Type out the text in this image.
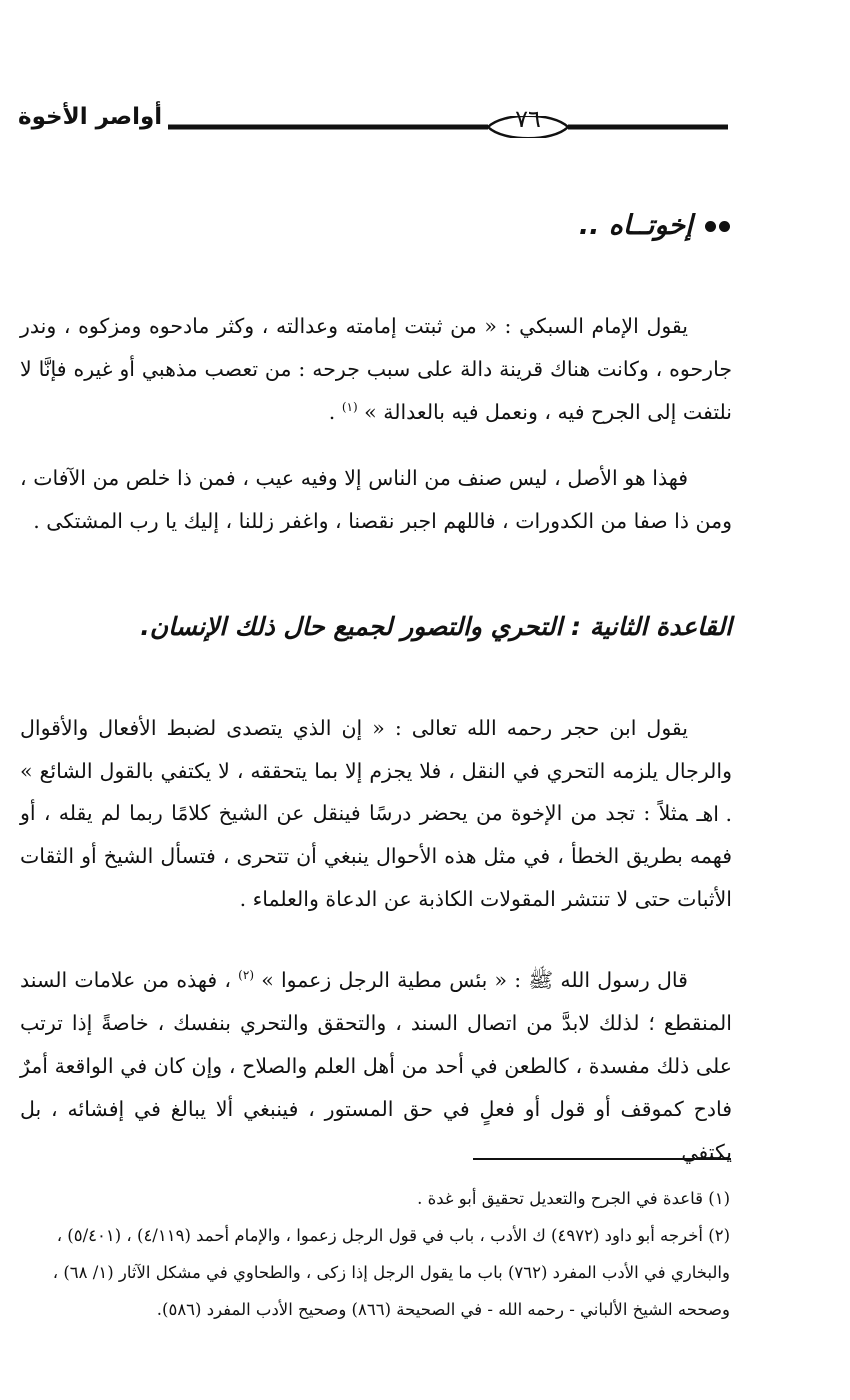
أواصر الأخوة	٧٦
إخوتــاه ..

يقول الإمام السبكي : « من ثبتت إمامته وعدالته ، وكثر مادحوه ومزكوه ، وندر جارحوه ، وكانت هناك قرينة دالة على سبب جرحه : من تعصب مذهبي أو غيره فإنَّا لا نلتفت إلى الجرح فيه ، ونعمل فيه بالعدالة » $^{(١)}$ .

فهذا هو الأصل ، ليس صنف من الناس إلا وفيه عيب ، فمن ذا خلص من الآفات ، ومن ذا صفا من الكدورات ، فاللهم اجبر نقصنا ، واغفر زللنا ، إليك يا رب المشتكى .

القاعدة الثانية : التحري والتصور لجميع حال ذلك الإنسان.

يقول ابن حجر رحمه الله تعالى : « إن الذي يتصدى لضبط الأفعال والأقوال والرجال يلزمه التحري في النقل ، فلا يجزم إلا بما يتحققه ، لا يكتفي بالقول الشائع » . اهـ .

مثلاً : تجد من الإخوة من يحضر درسًا فينقل عن الشيخ كلامًا ربما لم يقله ، أو فهمه بطريق الخطأ ، في مثل هذه الأحوال ينبغي أن تتحرى ، فتسأل الشيخ أو الثقات الأثبات حتى لا تنتشر المقولات الكاذبة عن الدعاة والعلماء .

قال رسول الله ﷺ : « بئس مطية الرجل زعموا » $^{(٢)}$ ، فهذه من علامات السند المنقطع ؛ لذلك لابدَّ من اتصال السند ، والتحقق والتحري بنفسك ، خاصةً إذا ترتب على ذلك مفسدة ، كالطعن في أحد من أهل العلم والصلاح ، وإن كان في الواقعة أمرٌ فادح كموقف أو قول أو فعلٍ في حق المستور ، فينبغي ألا يبالغ في إفشائه ، بل يكتفي

(١) قاعدة في الجرح والتعديل تحقيق أبو غدة .

(٢) أخرجه أبو داود (٤٩٧٢) ك الأدب ، باب في قول الرجل زعموا ، والإمام أحمد (٤/١١٩) ، (٥/٤٠١) ، والبخاري في الأدب المفرد (٧٦٢) باب ما يقول الرجل إذا زكى ، والطحاوي في مشكل الآثار (١/ ٦٨) ، وصححه الشيخ الألباني - رحمه الله - في الصحيحة (٨٦٦) وصحيح الأدب المفرد (٥٨٦).
